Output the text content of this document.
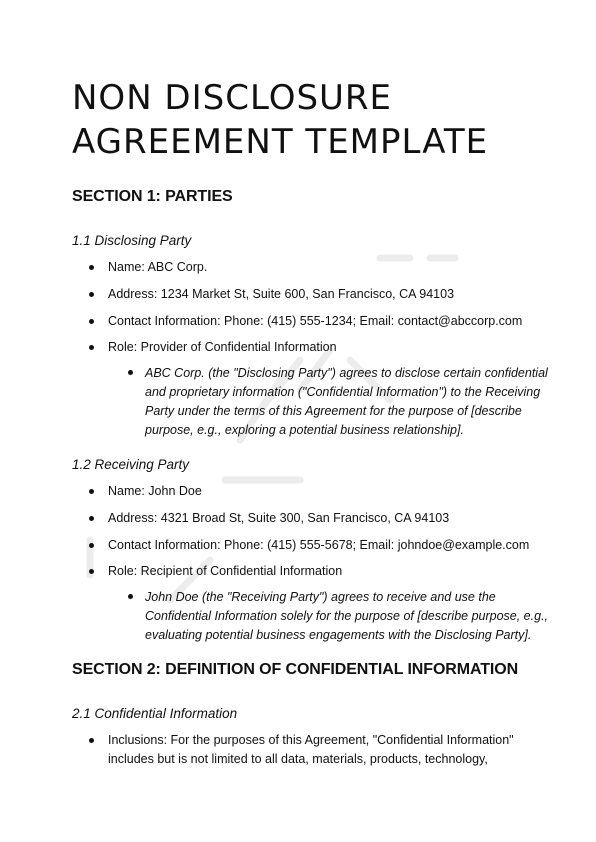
NON DISCLOSURE
AGREEMENT TEMPLATE
SECTION 1: PARTIES
1.1 Disclosing Party
Name: ABC Corp.
Address: 1234 Market St, Suite 600, San Francisco, CA 94103
Contact Information: Phone: (415) 555-1234; Email: contact@abccorp.com
Role: Provider of Confidential Information
ABC Corp. (the "Disclosing Party") agrees to disclose certain confidential
and proprietary information ("Confidential Information") to the Receiving
Party under the terms of this Agreement for the purpose of [describe
purpose, e.g., exploring a potential business relationship].
1.2 Receiving Party
Name: John Doe
Address: 4321 Broad St, Suite 300, San Francisco, CA 94103
Contact Information: Phone: (415) 555-5678; Email: johndoe@example.com
Role: Recipient of Confidential Information
John Doe (the "Receiving Party") agrees to receive and use the
Confidential Information solely for the purpose of [describe purpose, e.g.,
evaluating potential business engagements with the Disclosing Party].
SECTION 2: DEFINITION OF CONFIDENTIAL INFORMATION
2.1 Confidential Information
Inclusions: For the purposes of this Agreement, "Confidential Information"
includes but is not limited to all data, materials, products, technology,
